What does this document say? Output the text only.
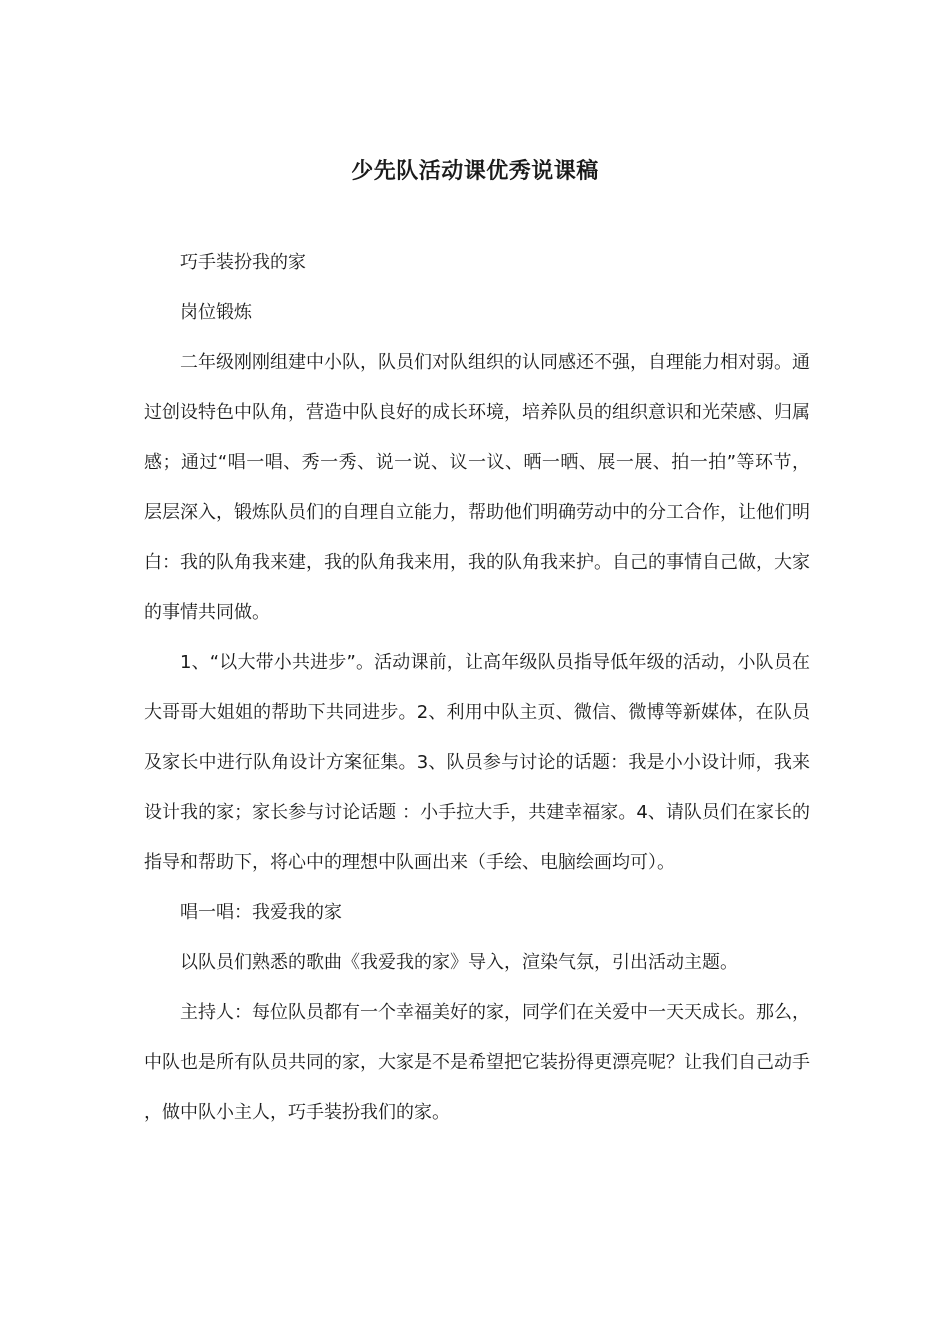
少先队活动课优秀说课稿

巧手装扮我的家

岗位锻炼

二年级刚刚组建中小队，队员们对队组织的认同感还不强，自理能力相对弱。通过创设特色中队角，营造中队良好的成长环境，培养队员的组织意识和光荣感、归属感；通过“唱一唱、秀一秀、说一说、议一议、晒一晒、展一展、拍一拍”等环节，层层深入，锻炼队员们的自理自立能力，帮助他们明确劳动中的分工合作，让他们明白：我的队角我来建，我的队角我来用，我的队角我来护。自己的事情自己做，大家的事情共同做。

1、“以大带小共进步”。活动课前，让高年级队员指导低年级的活动，小队员在大哥哥大姐姐的帮助下共同进步。2、利用中队主页、微信、微博等新媒体，在队员及家长中进行队角设计方案征集。3、队员参与讨论的话题：我是小小设计师，我来设计我的家；家长参与讨论话题 ：小手拉大手，共建幸福家。4、请队员们在家长的指导和帮助下，将心中的理想中队画出来（手绘、电脑绘画均可）。

唱一唱：我爱我的家

以队员们熟悉的歌曲《我爱我的家》导入，渲染气氛，引出活动主题。

主持人：每位队员都有一个幸福美好的家，同学们在关爱中一天天成长。那么，中队也是所有队员共同的家，大家是不是希望把它装扮得更漂亮呢？让我们自己动手，做中队小主人，巧手装扮我们的家。
